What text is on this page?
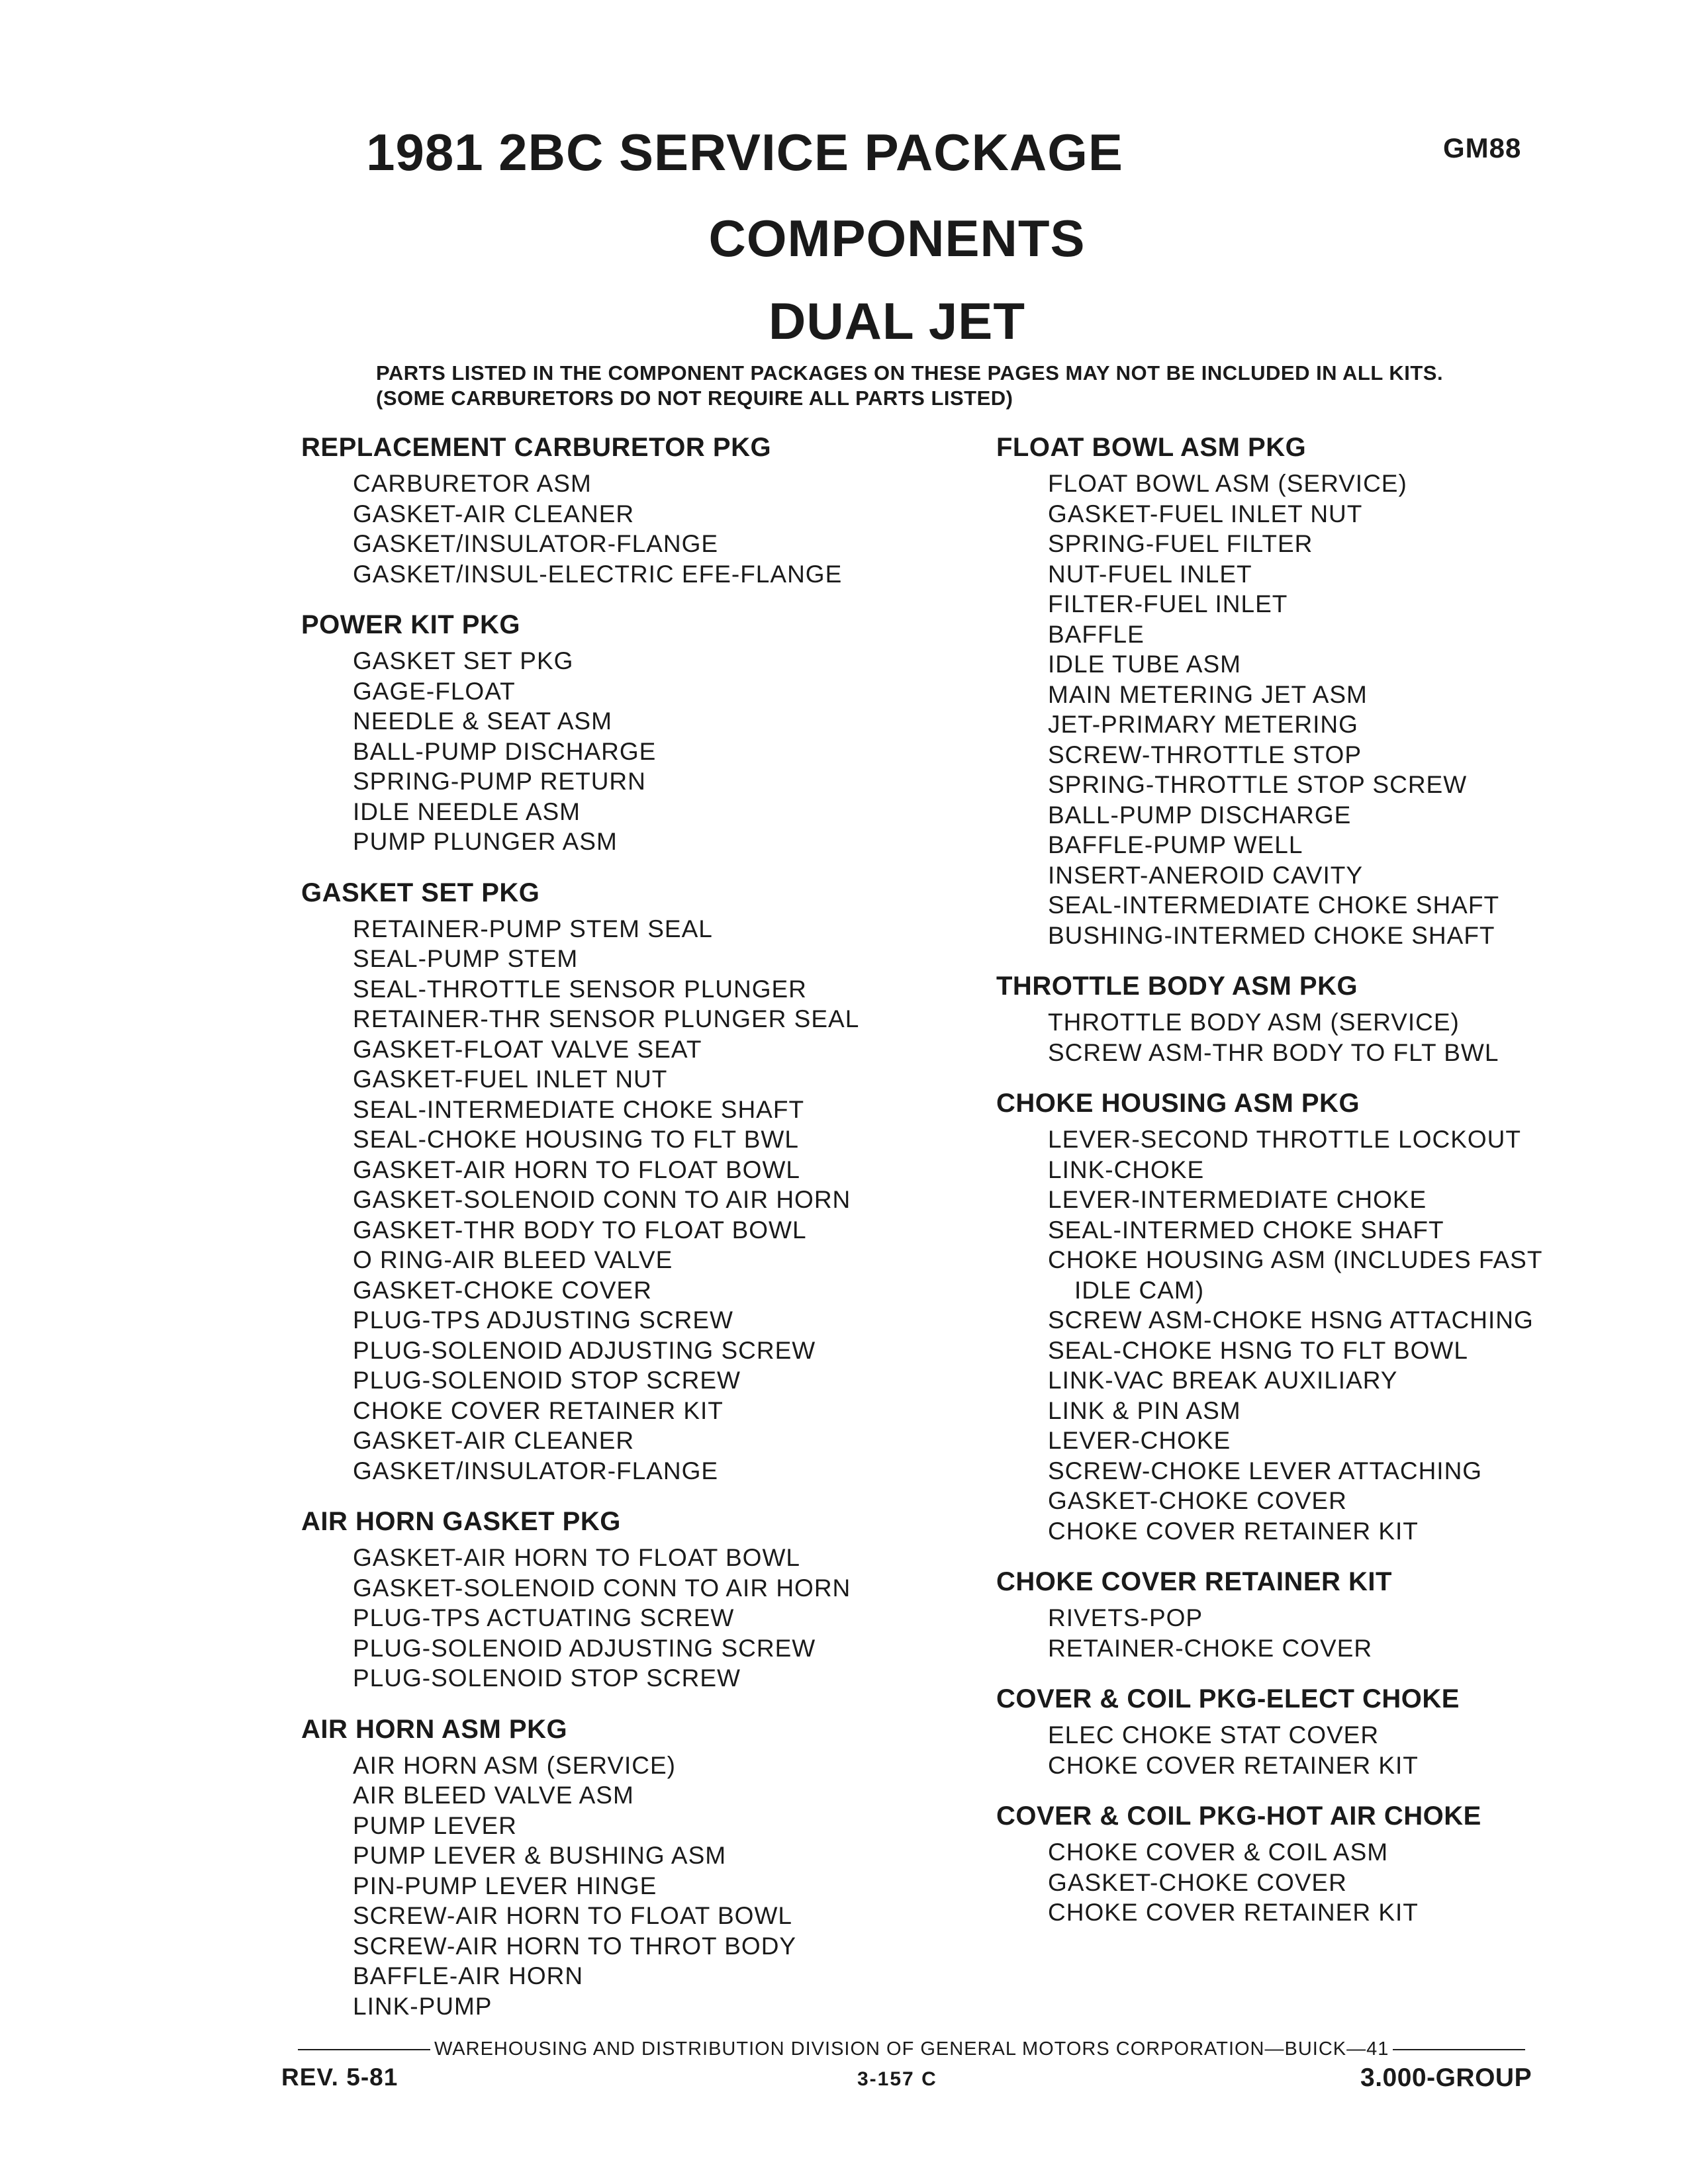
GM88
1981 2BC SERVICE PACKAGE
COMPONENTS
DUAL JET
PARTS LISTED IN THE COMPONENT PACKAGES ON THESE PAGES MAY NOT BE INCLUDED IN ALL KITS.
(SOME CARBURETORS DO NOT REQUIRE ALL PARTS LISTED)
REPLACEMENT CARBURETOR PKG
CARBURETOR ASM
GASKET-AIR CLEANER
GASKET/INSULATOR-FLANGE
GASKET/INSUL-ELECTRIC EFE-FLANGE
POWER KIT PKG
GASKET SET PKG
GAGE-FLOAT
NEEDLE & SEAT ASM
BALL-PUMP DISCHARGE
SPRING-PUMP RETURN
IDLE NEEDLE ASM
PUMP PLUNGER ASM
GASKET SET PKG
RETAINER-PUMP STEM SEAL
SEAL-PUMP STEM
SEAL-THROTTLE SENSOR PLUNGER
RETAINER-THR SENSOR PLUNGER SEAL
GASKET-FLOAT VALVE SEAT
GASKET-FUEL INLET NUT
SEAL-INTERMEDIATE CHOKE SHAFT
SEAL-CHOKE HOUSING TO FLT BWL
GASKET-AIR HORN TO FLOAT BOWL
GASKET-SOLENOID CONN TO AIR HORN
GASKET-THR BODY TO FLOAT BOWL
O RING-AIR BLEED VALVE
GASKET-CHOKE COVER
PLUG-TPS ADJUSTING SCREW
PLUG-SOLENOID ADJUSTING SCREW
PLUG-SOLENOID STOP SCREW
CHOKE COVER RETAINER KIT
GASKET-AIR CLEANER
GASKET/INSULATOR-FLANGE
AIR HORN GASKET PKG
GASKET-AIR HORN TO FLOAT BOWL
GASKET-SOLENOID CONN TO AIR HORN
PLUG-TPS ACTUATING SCREW
PLUG-SOLENOID ADJUSTING SCREW
PLUG-SOLENOID STOP SCREW
AIR HORN ASM PKG
AIR HORN ASM (SERVICE)
AIR BLEED VALVE ASM
PUMP LEVER
PUMP LEVER & BUSHING ASM
PIN-PUMP LEVER HINGE
SCREW-AIR HORN TO FLOAT BOWL
SCREW-AIR HORN TO THROT BODY
BAFFLE-AIR HORN
LINK-PUMP
FLOAT BOWL ASM PKG
FLOAT BOWL ASM (SERVICE)
GASKET-FUEL INLET NUT
SPRING-FUEL FILTER
NUT-FUEL INLET
FILTER-FUEL INLET
BAFFLE
IDLE TUBE ASM
MAIN METERING JET ASM
JET-PRIMARY METERING
SCREW-THROTTLE STOP
SPRING-THROTTLE STOP SCREW
BALL-PUMP DISCHARGE
BAFFLE-PUMP WELL
INSERT-ANEROID CAVITY
SEAL-INTERMEDIATE CHOKE SHAFT
BUSHING-INTERMED CHOKE SHAFT
THROTTLE BODY ASM PKG
THROTTLE BODY ASM (SERVICE)
SCREW ASM-THR BODY TO FLT BWL
CHOKE HOUSING ASM PKG
LEVER-SECOND THROTTLE LOCKOUT
LINK-CHOKE
LEVER-INTERMEDIATE CHOKE
SEAL-INTERMED CHOKE SHAFT
CHOKE HOUSING ASM (INCLUDES FAST
IDLE CAM)
SCREW ASM-CHOKE HSNG ATTACHING
SEAL-CHOKE HSNG TO FLT BOWL
LINK-VAC BREAK AUXILIARY
LINK & PIN ASM
LEVER-CHOKE
SCREW-CHOKE LEVER ATTACHING
GASKET-CHOKE COVER
CHOKE COVER RETAINER KIT
CHOKE COVER RETAINER KIT
RIVETS-POP
RETAINER-CHOKE COVER
COVER & COIL PKG-ELECT CHOKE
ELEC CHOKE STAT COVER
CHOKE COVER RETAINER KIT
COVER & COIL PKG-HOT AIR CHOKE
CHOKE COVER & COIL ASM
GASKET-CHOKE COVER
CHOKE COVER RETAINER KIT
WAREHOUSING AND DISTRIBUTION DIVISION OF GENERAL MOTORS CORPORATION—BUICK—41
REV. 5-81	3-157 C	3.000-GROUP
